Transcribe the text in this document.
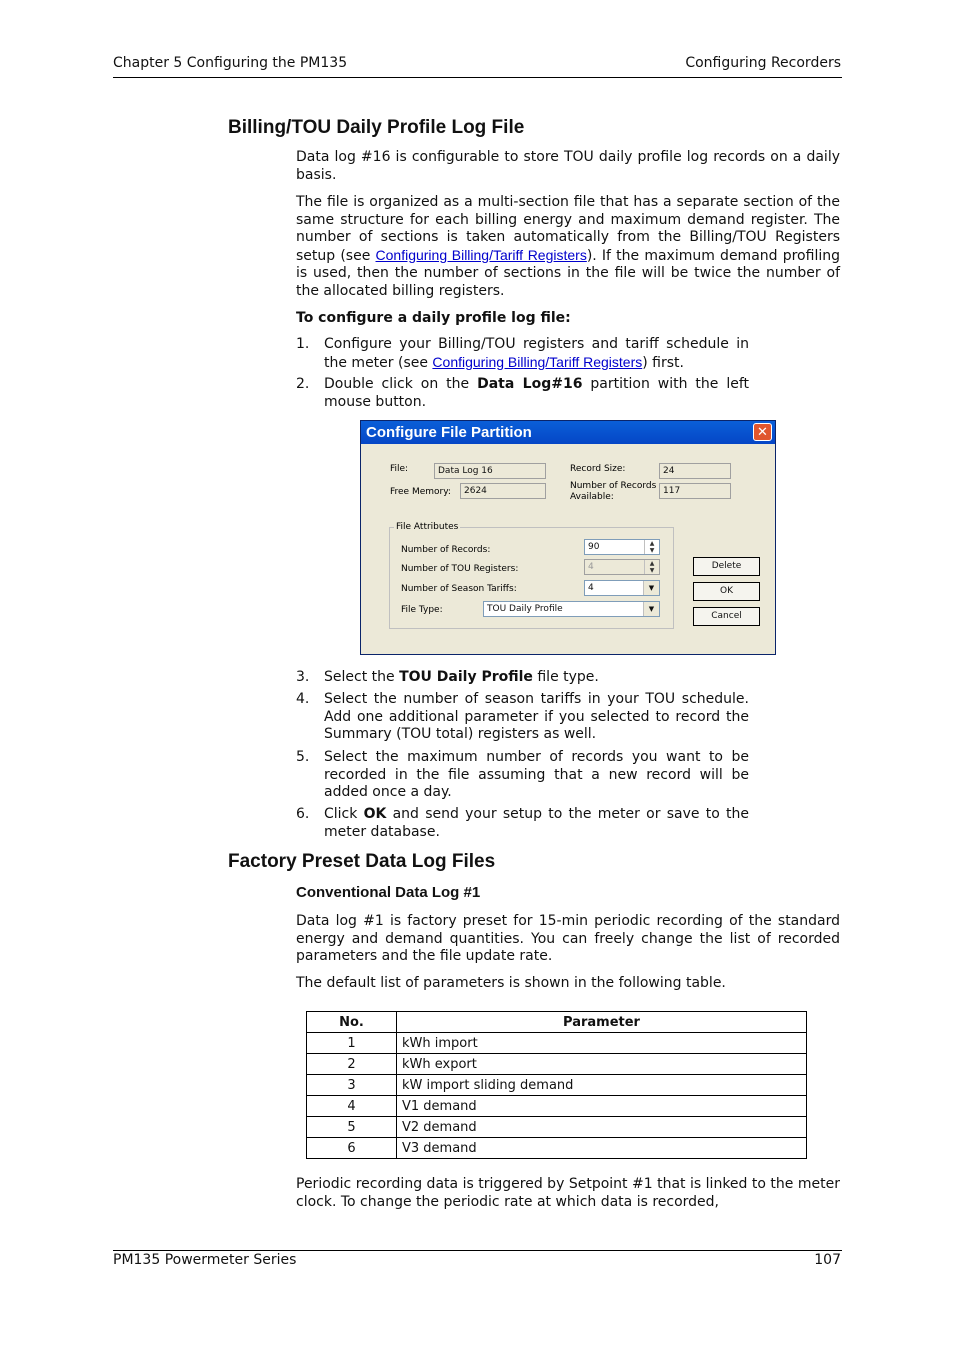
Chapter 5 Configuring the PM135	Configuring Recorders
Billing/TOU Daily Profile Log File

Data log #16 is configurable to store TOU daily profile log records on a daily basis.

The file is organized as a multi-section file that has a separate section of the same structure for each billing energy and maximum demand register. The number of sections is taken automatically from the Billing/TOU Registers setup (see Configuring Billing/Tariff Registers). If the maximum demand profiling is used, then the number of sections in the file will be twice the number of the allocated billing registers.

To configure a daily profile log file:
1. Configure your Billing/TOU registers and tariff schedule in the meter (see Configuring Billing/Tariff Registers) first.
2. Double click on the Data Log#16 partition with the left mouse button.
Configure File Partition	✕
File:	Data Log 16
Free Memory:	2624
Record Size:	24
Number of Records
Available:
117
File Attributes
Number of Records:	90	▲
▼
Number of TOU Registers:	4	▲
▼
Number of Season Tariffs:	4	▼
File Type:	TOU Daily Profile	▼
Delete
OK
Cancel
3. Select the TOU Daily Profile file type.
4. Select the number of season tariffs in your TOU schedule. Add one additional parameter if you selected to record the Summary (TOU total) registers as well.
5. Select the maximum number of records you want to be recorded in the file assuming that a new record will be added once a day.
6. Click OK and send your setup to the meter or save to the meter database.
Factory Preset Data Log Files
Conventional Data Log #1

Data log #1 is factory preset for 15-min periodic recording of the standard energy and demand quantities. You can freely change the list of recorded parameters and the file update rate.

The default list of parameters is shown in the following table.

No.	Parameter
1	kWh import
2	kWh export
3	kW import sliding demand
4	V1 demand
5	V2 demand
6	V3 demand

Periodic recording data is triggered by Setpoint #1 that is linked to the meter clock. To change the periodic rate at which data is recorded,

PM135 Powermeter Series	107
